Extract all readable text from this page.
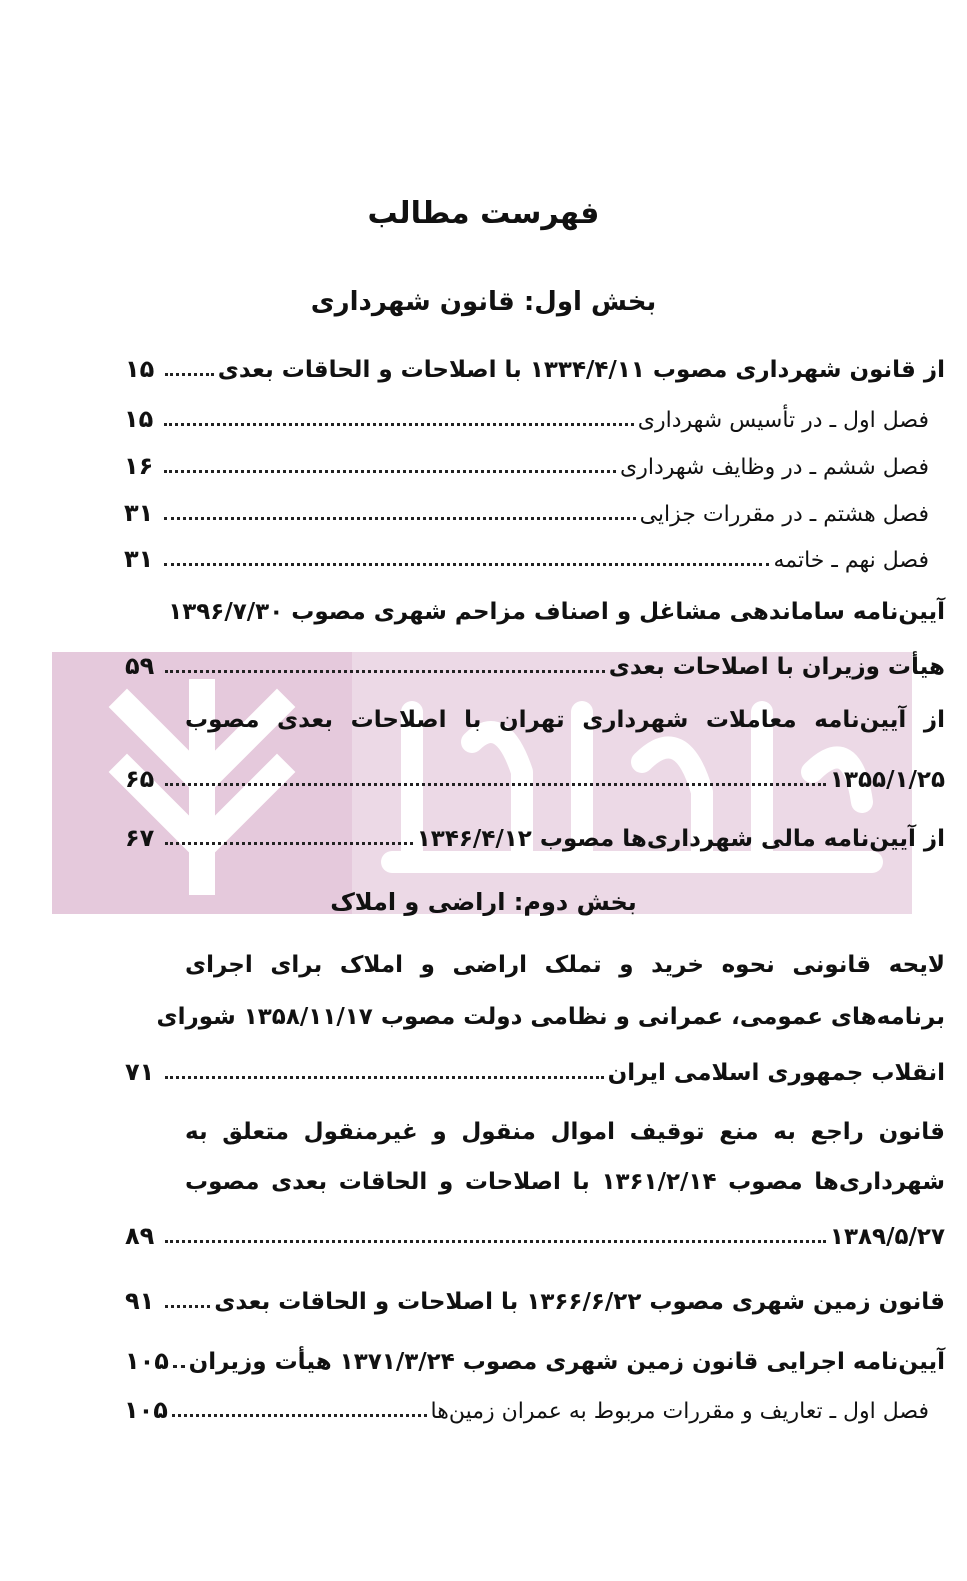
فهرست مطالب
بخش اول: قانون شهرداری
از قانون شهرداری مصوب ۱۳۳۴/۴/۱۱ با اصلاحات و الحاقات بعدی
۱۵
فصل اول ـ در تأسیس شهرداری
۱۵
فصل ششم ـ در وظایف شهرداری
۱۶
فصل هشتم ـ در مقررات جزایی
۳۱
فصل نهم ـ خاتمه
۳۱
آیین‌نامه ساماندهی مشاغل و اصناف مزاحم شهری مصوب ۱۳۹۶/۷/۳۰
هیأت وزیران با اصلاحات بعدی
۵۹
از آیین‌نامه معاملات شهرداری تهران با اصلاحات بعدی مصوب
۱۳۵۵/۱/۲۵
۶۵
از آیین‌نامه مالی شهرداری‌ها مصوب ۱۳۴۶/۴/۱۲
۶۷
بخش دوم: اراضی و املاک
لایحه قانونی نحوه خرید و تملک اراضی و املاک برای اجرای
برنامه‌های عمومی، عمرانی و نظامی دولت مصوب ۱۳۵۸/۱۱/۱۷ شورای
انقلاب جمهوری اسلامی ایران
۷۱
قانون راجع به منع توقیف اموال منقول و غیرمنقول متعلق به
شهرداری‌ها مصوب ۱۳۶۱/۲/۱۴ با اصلاحات و الحاقات بعدی مصوب
۱۳۸۹/۵/۲۷
۸۹
قانون زمین شهری مصوب ۱۳۶۶/۶/۲۲ با اصلاحات و الحاقات بعدی
۹۱
آیین‌نامه اجرایی قانون زمین شهری مصوب ۱۳۷۱/۳/۲۴ هیأت وزیران
۱۰۵
فصل اول ـ تعاریف و مقررات مربوط به عمران زمین‌ها
۱۰۵
